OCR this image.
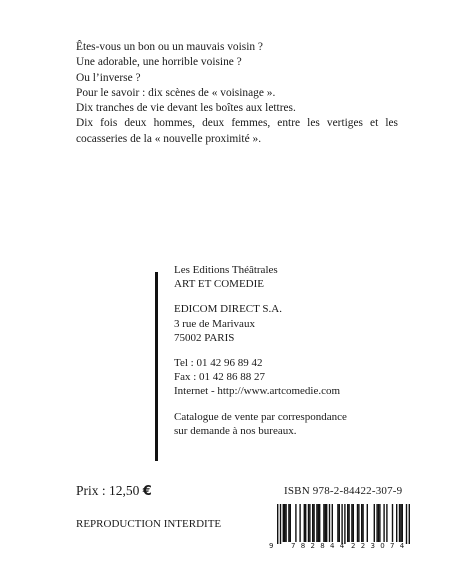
Êtes-vous un bon ou un mauvais voisin ?
Une adorable, une horrible voisine ?
Ou l’inverse ?
Pour le savoir : dix scènes de « voisinage ».
Dix tranches de vie devant les boîtes aux lettres.
Dix fois deux hommes, deux femmes, entre les vertiges et les
cocasseries de la « nouvelle proximité ».
Les Editions Théâtrales
ART ET COMEDIE
EDICOM DIRECT S.A.
3 rue de Marivaux
75002 PARIS
Tel : 01 42 96 89 42
Fax : 01 42 86 88 27
Internet - http://www.artcomedie.com
Catalogue de vente par correspondance
sur demande à nos bureaux.
Prix : 12,50 €	ISBN 978-2-84422-307-9
REPRODUCTION INTERDITE
9	782844 223074
